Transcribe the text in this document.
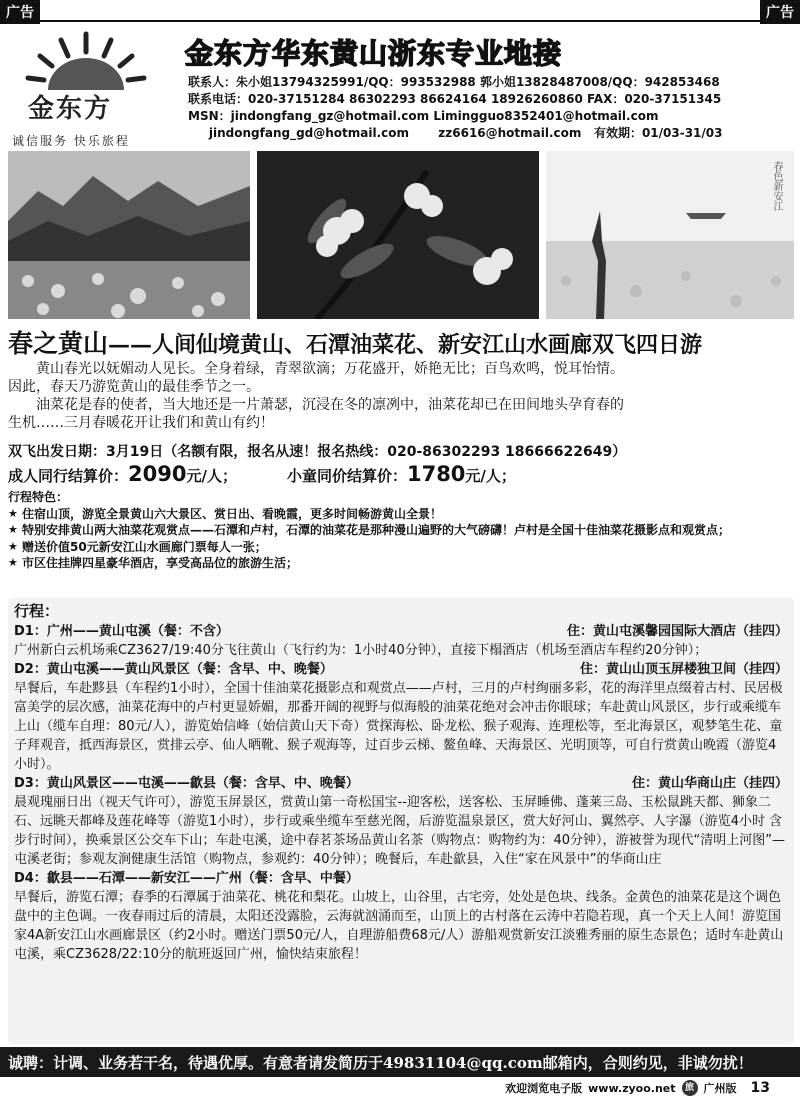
广告	广告
金东方
诚信服务 快乐旅程
金东方华东黄山浙东专业地接
联系人：朱小姐13794325991/QQ：993532988 郭小姐13828487008/QQ：942853468
联系电话：020-37151284 86302293 86624164 18926260860 FAX：020-37151345
MSN：jindongfang_gz@hotmail.com Limingguo8352401@hotmail.com
jindongfang_gd@hotmail.com       zz6616@hotmail.com   有效期：01/03-31/03
春色新安江
春之黄山——人间仙境黄山、石潭油菜花、新安江山水画廊双飞四日游

黄山春光以妩媚动人见长。全身着绿，青翠欲滴；万花盛开，娇艳无比；百鸟欢鸣，悦耳怡情。

因此，春天乃游览黄山的最佳季节之一。

油菜花是春的使者，当大地还是一片萧瑟，沉浸在冬的凛冽中，油菜花却已在田间地头孕育春的

生机……三月春暖花开让我们和黄山有约！

双飞出发日期：3月19日（名额有限，报名从速！报名热线：020-86302293 18666622649）
成人同行结算价：2090元/人；	小童同价结算价：1780元/人；
行程特色：
★ 住宿山顶，游览全景黄山六大景区、赏日出、看晚霞，更多时间畅游黄山全景！
★ 特别安排黄山两大油菜花观赏点——石潭和卢村，石潭的油菜花是那种漫山遍野的大气磅礴！卢村是全国十佳油菜花摄影点和观赏点；
★ 赠送价值50元新安江山水画廊门票每人一张；
★ 市区住挂牌四星豪华酒店，享受高品位的旅游生活；
行程：
D1：广州——黄山屯溪（餐：不含）	住：黄山屯溪馨园国际大酒店（挂四）
广州新白云机场乘CZ3627/19:40分飞往黄山（飞行约为：1小时40分钟），直接下榻酒店（机场至酒店车程约20分钟）；
D2：黄山屯溪——黄山风景区（餐：含早、中、晚餐）	住：黄山山顶玉屏楼独卫间（挂四）
早餐后，车赴黟县（车程约1小时），全国十佳油菜花摄影点和观赏点——卢村，三月的卢村绚丽多彩，花的海洋里点缀着古村、民居极富美学的层次感，油菜花海中的卢村更显娇媚，那番开阔的视野与似海般的油菜花绝对会冲击你眼球；车赴黄山风景区，步行或乘缆车上山（缆车自理：80元/人），游览始信峰（始信黄山天下奇）赏探海松、卧龙松、猴子观海、连理松等，至北海景区，观梦笔生花、童子拜观音，抵西海景区，赏排云亭、仙人晒靴、猴子观海等，过百步云梯、鳌鱼峰、天海景区、光明顶等，可自行赏黄山晚霞（游览4小时）。
D3：黄山风景区——屯溪——歙县（餐：含早、中、晚餐）	住：黄山华商山庄（挂四）
晨观瑰丽日出（视天气许可），游览玉屏景区，赏黄山第一奇松国宝--迎客松，送客松、玉屏睡佛、蓬莱三岛、玉松鼠跳天都、狮象二石、远眺天都峰及莲花峰等（游览1小时），步行或乘坐缆车至慈光阁，后游览温泉景区，赏大好河山、翼然亭、人字瀑（游览4小时 含步行时间），换乘景区公交车下山；车赴屯溪，途中春茗茶场品黄山名茶（购物点：购物约为：40分钟），游被誉为现代“清明上河图”—屯溪老街；参观友涧健康生活馆（购物点，参观约：40分钟）；晚餐后，车赴歙县，入住“家在风景中”的华商山庄
D4：歙县——石潭——新安江——广州（餐：含早、中餐）
早餐后，游览石潭；春季的石潭属于油菜花、桃花和梨花。山坡上，山谷里，古宅旁，处处是色块、线条。金黄色的油菜花是这个调色盘中的主色调。一夜春雨过后的清晨，太阳还没露脸，云海就汹涌而至，山顶上的古村落在云涛中若隐若现，真一个天上人间！游览国家4A新安江山水画廊景区（约2小时。赠送门票50元/人，自理游船费68元/人）游船观赏新安江淡雅秀丽的原生态景色；适时车赴黄山屯溪，乘CZ3628/22:10分的航班返回广州，愉快结束旅程！
诚聘：计调、业务若干名，待遇优厚。有意者请发简历于49831104@qq.com邮箱内，合则约见，非诚勿扰！
欢迎浏览电子版 www.zyoo.net	旅 广州版 13
